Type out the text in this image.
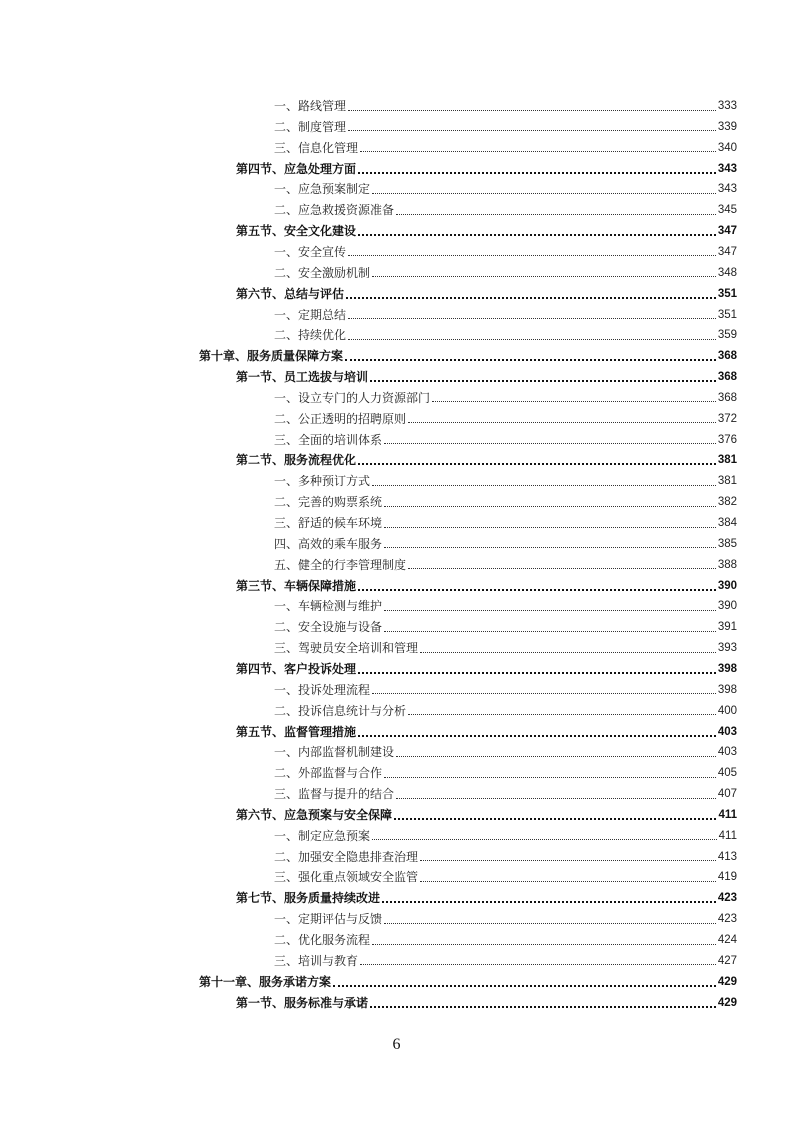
一、路线管理	333
二、制度管理	339
三、信息化管理	340
第四节、应急处理方面	343
一、应急预案制定	343
二、应急救援资源准备	345
第五节、安全文化建设	347
一、安全宣传	347
二、安全激励机制	348
第六节、总结与评估	351
一、定期总结	351
二、持续优化	359
第十章、服务质量保障方案	368
第一节、员工选拔与培训	368
一、设立专门的人力资源部门	368
二、公正透明的招聘原则	372
三、全面的培训体系	376
第二节、服务流程优化	381
一、多种预订方式	381
二、完善的购票系统	382
三、舒适的候车环境	384
四、高效的乘车服务	385
五、健全的行李管理制度	388
第三节、车辆保障措施	390
一、车辆检测与维护	390
二、安全设施与设备	391
三、驾驶员安全培训和管理	393
第四节、客户投诉处理	398
一、投诉处理流程	398
二、投诉信息统计与分析	400
第五节、监督管理措施	403
一、内部监督机制建设	403
二、外部监督与合作	405
三、监督与提升的结合	407
第六节、应急预案与安全保障	411
一、制定应急预案	411
二、加强安全隐患排查治理	413
三、强化重点领域安全监管	419
第七节、服务质量持续改进	423
一、定期评估与反馈	423
二、优化服务流程	424
三、培训与教育	427
第十一章、服务承诺方案	429
第一节、服务标准与承诺	429
6
